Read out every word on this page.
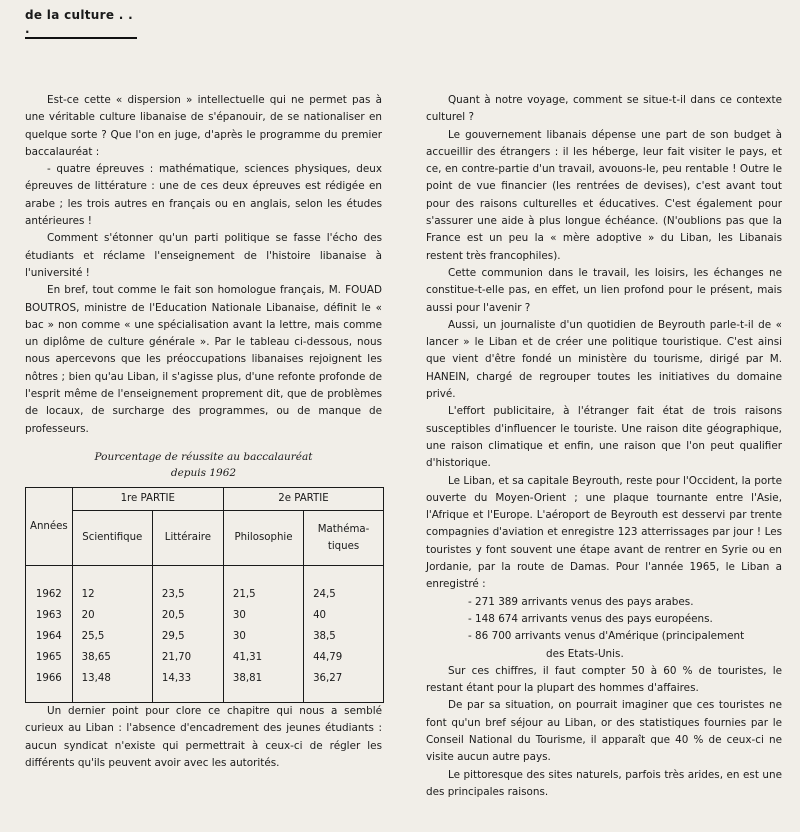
de la culture . . .

Est-ce cette « dispersion » intellectuelle qui ne permet pas à une véritable culture libanaise de s'épanouir, de se nationaliser en quelque sorte ? Que l'on en juge, d'après le programme du premier baccalauréat :

- quatre épreuves : mathématique, sciences physiques, deux épreuves de littérature : une de ces deux épreuves est rédigée en arabe ; les trois autres en français ou en anglais, selon les études antérieures !

Comment s'étonner qu'un parti politique se fasse l'écho des étudiants et réclame l'enseignement de l'histoire libanaise à l'université !

En bref, tout comme le fait son homologue français, M. FOUAD BOUTROS, ministre de l'Education Nationale Libanaise, définit le « bac » non comme « une spécialisation avant la lettre, mais comme un diplôme de culture générale ». Par le tableau ci-dessous, nous nous apercevons que les préoccupations libanaises rejoignent les nôtres ; bien qu'au Liban, il s'agisse plus, d'une refonte profonde de l'esprit même de l'enseignement proprement dit, que de problèmes de locaux, de surcharge des programmes, ou de manque de professeurs.

Pourcentage de réussite au baccalauréat
depuis 1962
Années	1re PARTIE		2e PARTIE	
	Scientifique	Littéraire	Philosophie	Mathéma-tiques

1962	12	23,5	21,5	24,5
1963	20	20,5	30	40
1964	25,5	29,5	30	38,5
1965	38,65	21,70	41,31	44,79
1966	13,48	14,33	38,81	36,27

Un dernier point pour clore ce chapitre qui nous a semblé curieux au Liban : l'absence d'encadrement des jeunes étudiants : aucun syndicat n'existe qui permettrait à ceux-ci de régler les différents qu'ils peuvent avoir avec les autorités.

Quant à notre voyage, comment se situe-t-il dans ce contexte culturel ?

Le gouvernement libanais dépense une part de son budget à accueillir des étrangers : il les héberge, leur fait visiter le pays, et ce, en contre-partie d'un travail, avouons-le, peu rentable ! Outre le point de vue financier (les rentrées de devises), c'est avant tout pour des raisons culturelles et éducatives. C'est également pour s'assurer une aide à plus longue échéance. (N'oublions pas que la France est un peu la « mère adoptive » du Liban, les Libanais restent très francophiles).

Cette communion dans le travail, les loisirs, les échanges ne constitue-t-elle pas, en effet, un lien profond pour le présent, mais aussi pour l'avenir ?

Aussi, un journaliste d'un quotidien de Beyrouth parle-t-il de « lancer » le Liban et de créer une politique touristique. C'est ainsi que vient d'être fondé un ministère du tourisme, dirigé par M. HANEIN, chargé de regrouper toutes les initiatives du domaine privé.

L'effort publicitaire, à l'étranger fait état de trois raisons susceptibles d'influencer le touriste. Une raison dite géographique, une raison climatique et enfin, une raison que l'on peut qualifier d'historique.

Le Liban, et sa capitale Beyrouth, reste pour l'Occident, la porte ouverte du Moyen-Orient ; une plaque tournante entre l'Asie, l'Afrique et l'Europe. L'aéroport de Beyrouth est desservi par trente compagnies d'aviation et enregistre 123 atterrissages par jour ! Les touristes y font souvent une étape avant de rentrer en Syrie ou en Jordanie, par la route de Damas. Pour l'année 1965, le Liban a enregistré :

- 271 389 arrivants venus des pays arabes.

- 148 674 arrivants venus des pays européens.

- 86 700 arrivants venus d'Amérique (principalement

des Etats-Unis.

Sur ces chiffres, il faut compter 50 à 60 % de touristes, le restant étant pour la plupart des hommes d'affaires.

De par sa situation, on pourrait imaginer que ces touristes ne font qu'un bref séjour au Liban, or des statistiques fournies par le Conseil National du Tourisme, il apparaît que 40 % de ceux-ci ne visite aucun autre pays.

Le pittoresque des sites naturels, parfois très arides, en est une des principales raisons.
